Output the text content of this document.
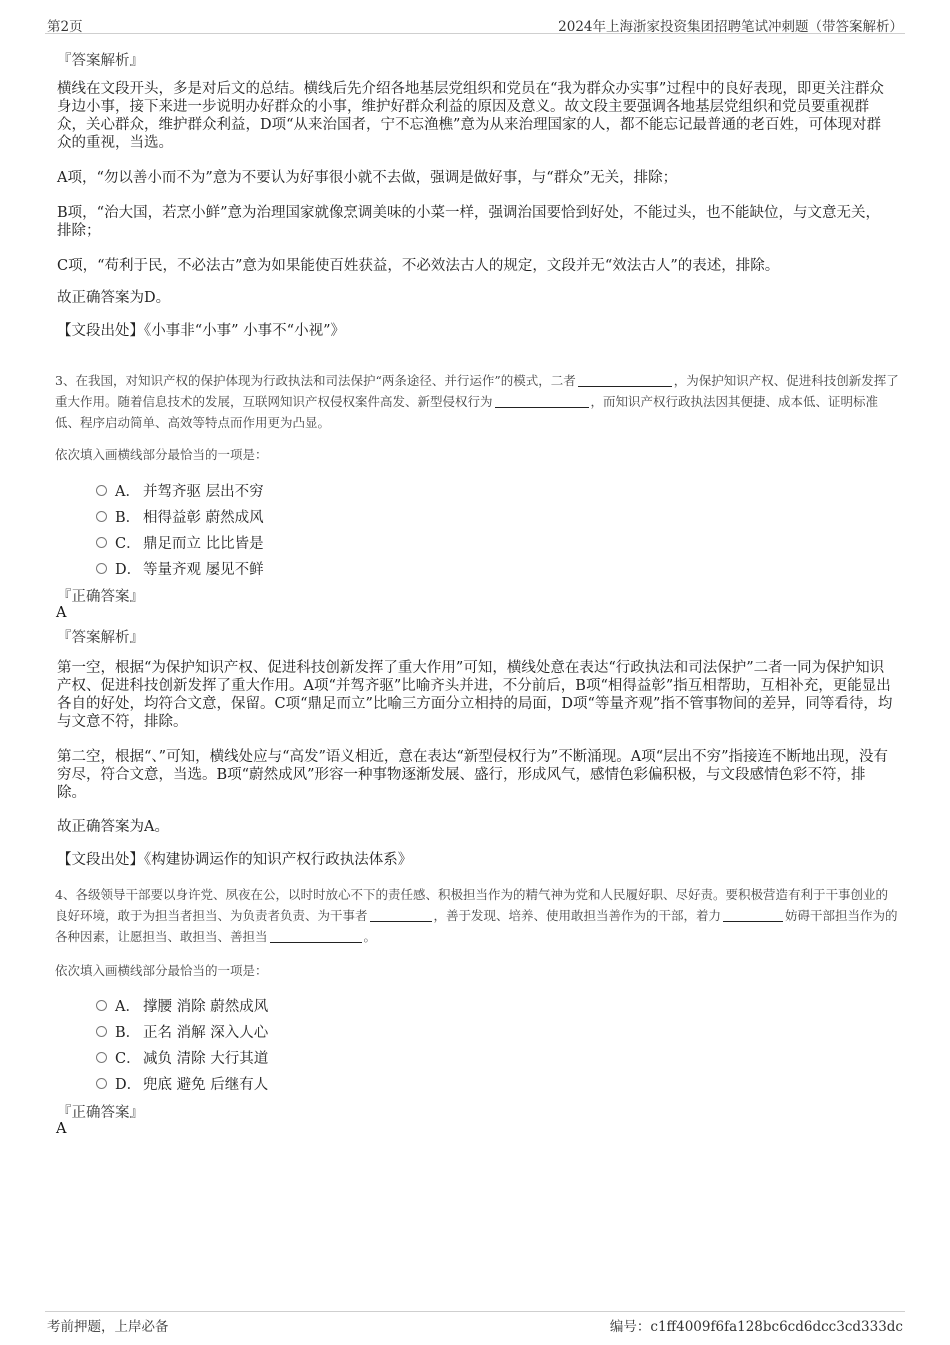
第2页	2024年上海浙家投资集团招聘笔试冲刺题（带答案解析）
『答案解析』

横线在文段开头，多是对后文的总结。横线后先介绍各地基层党组织和党员在“我为群众办实事”过程中的良好表现，即更关注群众身边小事，接下来进一步说明办好群众的小事，维护好群众利益的原因及意义。故文段主要强调各地基层党组织和党员要重视群众，关心群众，维护群众利益，D项“从来治国者，宁不忘渔樵”意为从来治理国家的人，都不能忘记最普通的老百姓，可体现对群众的重视，当选。

A项，“勿以善小而不为”意为不要认为好事很小就不去做，强调是做好事，与“群众”无关，排除；

B项，“治大国，若烹小鲜”意为治理国家就像烹调美味的小菜一样，强调治国要恰到好处，不能过头，也不能缺位，与文意无关，排除；

C项，“苟利于民，不必法古”意为如果能使百姓获益，不必效法古人的规定，文段并无“效法古人”的表述，排除。

故正确答案为D。

【文段出处】《小事非“小事” 小事不“小视”》

3、在我国，对知识产权的保护体现为行政执法和司法保护“两条途径、并行运作”的模式，二者	，为保护知识产权、促进科技创新发挥了重大作用。随着信息技术的发展，互联网知识产权侵权案件高发、新型侵权行为	，而知识产权行政执法因其便捷、成本低、证明标准低、程序启动简单、高效等特点而作用更为凸显。

依次填入画横线部分最恰当的一项是：
A． 并驾齐驱 层出不穷
B． 相得益彰 蔚然成风
C． 鼎足而立 比比皆是
D． 等量齐观 屡见不鲜
『正确答案』
A
『答案解析』

第一空，根据“为保护知识产权、促进科技创新发挥了重大作用”可知，横线处意在表达“行政执法和司法保护”二者一同为保护知识产权、促进科技创新发挥了重大作用。A项“并驾齐驱”比喻齐头并进，不分前后，B项“相得益彰”指互相帮助，互相补充，更能显出各自的好处，均符合文意，保留。C项“鼎足而立”比喻三方面分立相持的局面，D项“等量齐观”指不管事物间的差异，同等看待，均与文意不符，排除。

第二空，根据“、”可知，横线处应与“高发”语义相近，意在表达“新型侵权行为”不断涌现。A项“层出不穷”指接连不断地出现，没有穷尽，符合文意，当选。B项“蔚然成风”形容一种事物逐渐发展、盛行，形成风气，感情色彩偏积极，与文段感情色彩不符，排除。

故正确答案为A。

【文段出处】《构建协调运作的知识产权行政执法体系》

4、各级领导干部要以身许党、夙夜在公，以时时放心不下的责任感、积极担当作为的精气神为党和人民履好职、尽好责。要积极营造有利于干事创业的良好环境，敢于为担当者担当、为负责者负责、为干事者	，善于发现、培养、使用敢担当善作为的干部，着力	妨碍干部担当作为的各种因素，让愿担当、敢担当、善担当	。

依次填入画横线部分最恰当的一项是：
A． 撑腰 消除 蔚然成风
B． 正名 消解 深入人心
C． 减负 清除 大行其道
D． 兜底 避免 后继有人
『正确答案』
A
考前押题，上岸必备	编号：c1ff4009f6fa128bc6cd6dcc3cd333dc
